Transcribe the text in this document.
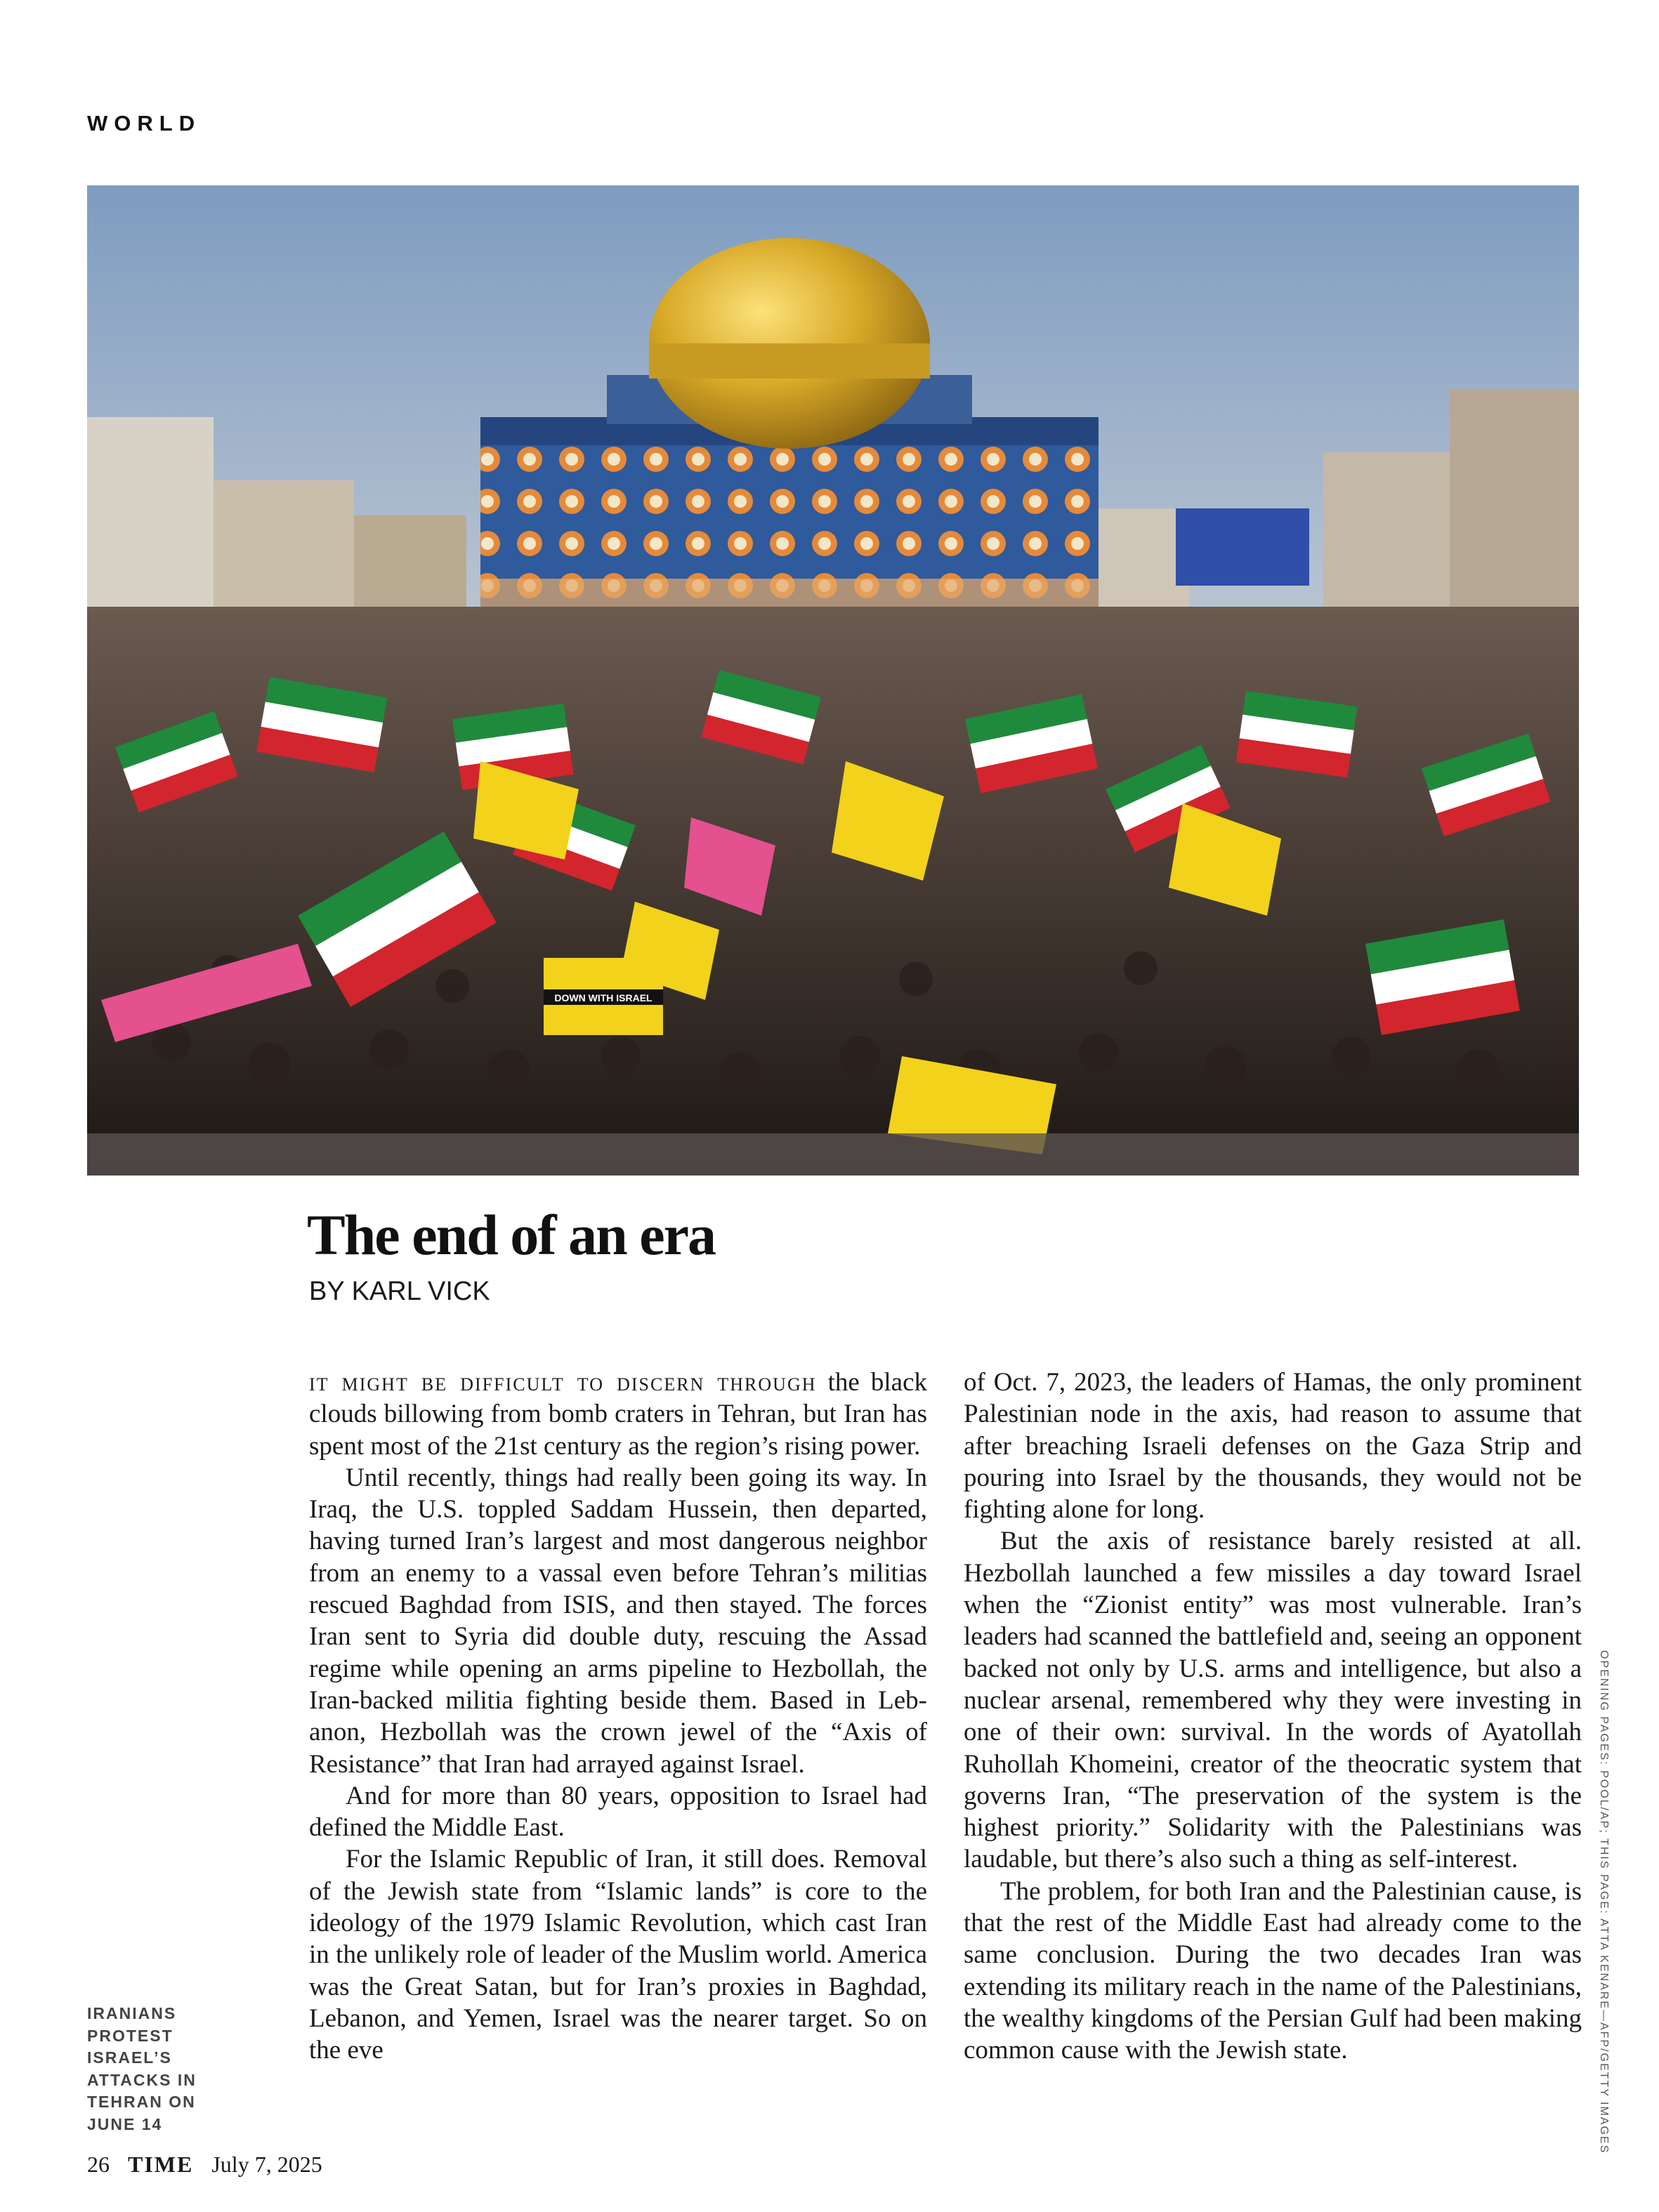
WORLD
DOWN WITH ISRAEL
The end of an era
BY KARL VICK

it might be difficult to discern through the black clouds billowing from bomb craters in Tehran, but Iran has spent most of the 21st century as the region’s rising power.

Until recently, things had really been going its way. In Iraq, the U.S. toppled Saddam Hussein, then departed, having turned Iran’s largest and most dangerous neighbor from an enemy to a vassal even before Tehran’s militias rescued Baghdad from ISIS, and then stayed. The forces Iran sent to Syria did double duty, rescuing the Assad regime while opening an arms pipeline to Hezbollah, the Iran-backed militia fighting beside them. Based in Lebanon, Hezbollah was the crown jewel of the “Axis of Resistance” that Iran had arrayed against Israel.

And for more than 80 years, opposition to Israel had defined the Middle East.

For the Islamic Republic of Iran, it still does. Removal of the Jewish state from “Islamic lands” is core to the ideology of the 1979 Islamic Revolution, which cast Iran in the unlikely role of leader of the Muslim world. America was the Great Satan, but for Iran’s proxies in Baghdad, Lebanon, and Yemen, Israel was the nearer target. So on the eve

of Oct. 7, 2023, the leaders of Hamas, the only prominent Palestinian node in the axis, had reason to assume that after breaching Israeli defenses on the Gaza Strip and pouring into Israel by the thousands, they would not be fighting alone for long.

But the axis of resistance barely resisted at all. Hezbollah launched a few missiles a day toward Israel when the “Zionist entity” was most vulnerable. Iran’s leaders had scanned the battlefield and, seeing an opponent backed not only by U.S. arms and intelligence, but also a nuclear arsenal, remembered why they were investing in one of their own: survival. In the words of Ayatollah Ruhollah Khomeini, creator of the theocratic system that governs Iran, “The preservation of the system is the highest priority.” Solidarity with the Palestinians was laudable, but there’s also such a thing as self-interest.

The problem, for both Iran and the Palestinian cause, is that the rest of the Middle East had already come to the same conclusion. During the two decades Iran was extending its military reach in the name of the Palestinians, the wealthy kingdoms of the Persian Gulf had been making common cause with the Jewish state.

IRANIANS
PROTEST
ISRAEL’S
ATTACKS IN
TEHRAN ON
JUNE 14	OPENING PAGES: POOL/AP; THIS PAGE: ATTA KENARE—AFP/GETTY IMAGES
26 TIME July 7, 2025
